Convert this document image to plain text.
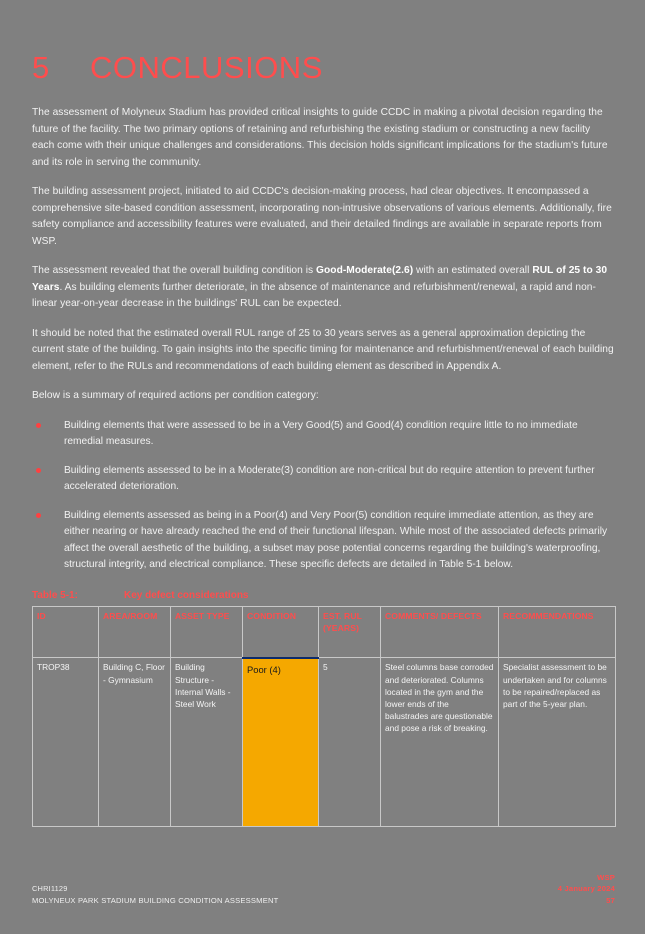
5	CONCLUSIONS

The assessment of Molyneux Stadium has provided critical insights to guide CCDC in making a pivotal decision regarding the future of the facility. The two primary options of retaining and refurbishing the existing stadium or constructing a new facility each come with their unique challenges and considerations. This decision holds significant implications for the stadium's future and its role in serving the community.

The building assessment project, initiated to aid CCDC's decision-making process, had clear objectives. It encompassed a comprehensive site-based condition assessment, incorporating non-intrusive observations of various elements. Additionally, fire safety compliance and accessibility features were evaluated, and their detailed findings are available in separate reports from WSP.

The assessment revealed that the overall building condition is Good-Moderate(2.6) with an estimated overall RUL of 25 to 30 Years. As building elements further deteriorate, in the absence of maintenance and refurbishment/renewal, a rapid and non-linear year-on-year decrease in the buildings' RUL can be expected.

It should be noted that the estimated overall RUL range of 25 to 30 years serves as a general approximation depicting the current state of the building. To gain insights into the specific timing for maintenance and refurbishment/renewal of each building element, refer to the RULs and recommendations of each building element as described in Appendix A.

Below is a summary of required actions per condition category:

Building elements that were assessed to be in a Very Good(5) and Good(4) condition require little to no immediate remedial measures.
Building elements assessed to be in a Moderate(3) condition are non-critical but do require attention to prevent further accelerated deterioration.
Building elements assessed as being in a Poor(4) and Very Poor(5) condition require immediate attention, as they are either nearing or have already reached the end of their functional lifespan. While most of the associated defects primarily affect the overall aesthetic of the building, a subset may pose potential concerns regarding the building's waterproofing, structural integrity, and electrical compliance. These specific defects are detailed in Table 5-1 below.
Table 5-1:	Key defect considerations
ID	AREA/ROOM	ASSET TYPE	CONDITION	EST. RUL (YEARS)	COMMENTS/ DEFECTS	RECOMMENDATIONS
TROP38	Building C, Floor - Gymnasium	Building Structure - Internal Walls - Steel Work	Poor (4)	5	Steel columns base corroded and deteriorated. Columns located in the gym and the lower ends of the balustrades are questionable and pose a risk of breaking.	Specialist assessment to be undertaken and for columns to be repaired/replaced as part of the 5-year plan.
CHRI1129
MOLYNEUX PARK STADIUM BUILDING CONDITION ASSESSMENT
WSP
4 January 2024
57
